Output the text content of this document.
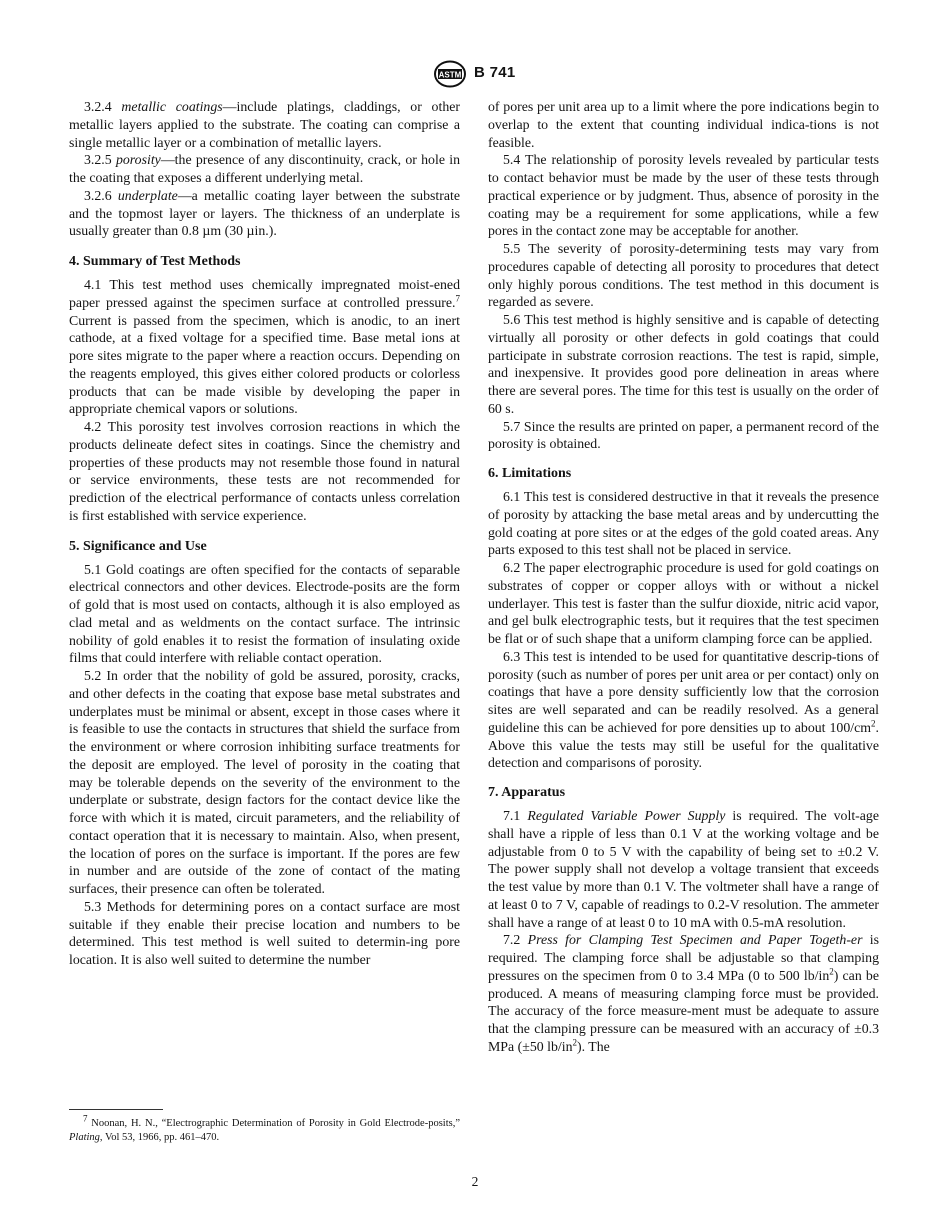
ASTM B 741

3.2.4 metallic coatings—include platings, claddings, or other metallic layers applied to the substrate. The coating can comprise a single metallic layer or a combination of metallic layers.

3.2.5 porosity—the presence of any discontinuity, crack, or hole in the coating that exposes a different underlying metal.

3.2.6 underplate—a metallic coating layer between the substrate and the topmost layer or layers. The thickness of an underplate is usually greater than 0.8 µm (30 µin.).

4. Summary of Test Methods

4.1 This test method uses chemically impregnated moist-ened paper pressed against the specimen surface at controlled pressure.$^7$ Current is passed from the specimen, which is anodic, to an inert cathode, at a fixed voltage for a specified time. Base metal ions at pore sites migrate to the paper where a reaction occurs. Depending on the reagents employed, this gives either colored products or colorless products that can be made visible by developing the paper in appropriate chemical vapors or solutions.

4.2 This porosity test involves corrosion reactions in which the products delineate defect sites in coatings. Since the chemistry and properties of these products may not resemble those found in natural or service environments, these tests are not recommended for prediction of the electrical performance of contacts unless correlation is first established with service experience.

5. Significance and Use

5.1 Gold coatings are often specified for the contacts of separable electrical connectors and other devices. Electrode-posits are the form of gold that is most used on contacts, although it is also employed as clad metal and as weldments on the contact surface. The intrinsic nobility of gold enables it to resist the formation of insulating oxide films that could interfere with reliable contact operation.

5.2 In order that the nobility of gold be assured, porosity, cracks, and other defects in the coating that expose base metal substrates and underplates must be minimal or absent, except in those cases where it is feasible to use the contacts in structures that shield the surface from the environment or where corrosion inhibiting surface treatments for the deposit are employed. The level of porosity in the coating that may be tolerable depends on the severity of the environment to the underplate or substrate, design factors for the contact device like the force with which it is mated, circuit parameters, and the reliability of contact operation that it is necessary to maintain. Also, when present, the location of pores on the surface is important. If the pores are few in number and are outside of the zone of contact of the mating surfaces, their presence can often be tolerated.

5.3 Methods for determining pores on a contact surface are most suitable if they enable their precise location and numbers to be determined. This test method is well suited to determin-ing pore location. It is also well suited to determine the number

of pores per unit area up to a limit where the pore indications begin to overlap to the extent that counting individual indica-tions is not feasible.

5.4 The relationship of porosity levels revealed by particular tests to contact behavior must be made by the user of these tests through practical experience or by judgment. Thus, absence of porosity in the coating may be a requirement for some applications, while a few pores in the contact zone may be acceptable for another.

5.5 The severity of porosity-determining tests may vary from procedures capable of detecting all porosity to procedures that detect only highly porous conditions. The test method in this document is regarded as severe.

5.6 This test method is highly sensitive and is capable of detecting virtually all porosity or other defects in gold coatings that could participate in substrate corrosion reactions. The test is rapid, simple, and inexpensive. It provides good pore delineation in areas where there are several pores. The time for this test is usually on the order of 60 s.

5.7 Since the results are printed on paper, a permanent record of the porosity is obtained.

6. Limitations

6.1 This test is considered destructive in that it reveals the presence of porosity by attacking the base metal areas and by undercutting the gold coating at pore sites or at the edges of the gold coated areas. Any parts exposed to this test shall not be placed in service.

6.2 The paper electrographic procedure is used for gold coatings on substrates of copper or copper alloys with or without a nickel underlayer. This test is faster than the sulfur dioxide, nitric acid vapor, and gel bulk electrographic tests, but it requires that the test specimen be flat or of such shape that a uniform clamping force can be applied.

6.3 This test is intended to be used for quantitative descrip-tions of porosity (such as number of pores per unit area or per contact) only on coatings that have a pore density sufficiently low that the corrosion sites are well separated and can be readily resolved. As a general guideline this can be achieved for pore densities up to about $100/cm^2$. Above this value the tests may still be useful for the qualitative detection and comparisons of porosity.

7. Apparatus

7.1 Regulated Variable Power Supply is required. The volt-age shall have a ripple of less than 0.1 V at the working voltage and be adjustable from 0 to 5 V with the capability of being set to ±0.2 V. The power supply shall not develop a voltage transient that exceeds the test value by more than 0.1 V. The voltmeter shall have a range of at least 0 to 7 V, capable of readings to 0.2-V resolution. The ammeter shall have a range of at least 0 to 10 mA with 0.5-mA resolution.

7.2 Press for Clamping Test Specimen and Paper Togeth-er is required. The clamping force shall be adjustable so that clamping pressures on the specimen from 0 to 3.4 MPa (0 to 500 $lb/in^2$) can be produced. A means of measuring clamping force must be provided. The accuracy of the force measure-ment must be adequate to assure that the clamping pressure can be measured with an accuracy of ±0.3 MPa (±50 $lb/in^2$). The

$^7$ Noonan, H. N., “Electrographic Determination of Porosity in Gold Electrode-posits,” Plating, Vol 53, 1966, pp. 461–470.
2
